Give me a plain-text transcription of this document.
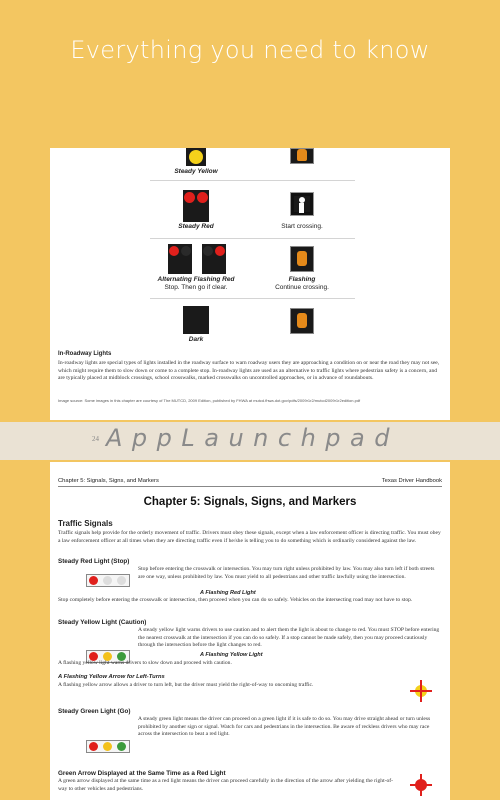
Everything you need to know
Steady Yellow
Steady Red	Start crossing.
Alternating Flashing Red
Stop. Then go if clear.
Flashing
Continue crossing.
Dark
In-Roadway Lights
In-roadway lights are special types of lights installed in the roadway surface to warn roadway users they are approaching a condition on or near the road they may not see, which might require them to slow down or come to a complete stop. In-roadway lights are used as an alternative to traffic lights where pedestrian safety is a concern, and are typically placed at midblock crossings, school crosswalks, marked crosswalks on uncontrolled approaches, or in advance of roundabouts.
Image source: Some images in this chapter are courtesy of The MUTCD, 2009 Edition, published by FHWA at mutcd.fhwa.dot.gov/pdfs/2009r1r2/mutcd2009r1r2edition.pdf
24 AppLaunchpad
Chapter 5: Signals, Signs, and Markers	Texas Driver Handbook
Chapter 5: Signals, Signs, and Markers
Traffic Signals
Traffic signals help provide for the orderly movement of traffic. Drivers must obey these signals, except when a law enforcement officer is directing traffic. You must obey a law enforcement officer at all times when they are directing traffic even if he/she is telling you to do something which is ordinarily considered against the law.
Steady Red Light (Stop)
Stop before entering the crosswalk or intersection. You may turn right unless prohibited by law. You may also turn left if both streets are one way, unless prohibited by law. You must yield to all pedestrians and other traffic lawfully using the intersection.
A Flashing Red Light
Stop completely before entering the crosswalk or intersection, then proceed when you can do so safely. Vehicles on the intersecting road may not have to stop.
Steady Yellow Light (Caution)
A steady yellow light warns drivers to use caution and to alert them the light is about to change to red. You must STOP before entering the nearest crosswalk at the intersection if you can do so safely. If a stop cannot be made safely, then you may proceed cautiously through the intersection before the light changes to red.
A Flashing Yellow Light
A flashing yellow light warns drivers to slow down and proceed with caution.
A Flashing Yellow Arrow for Left-Turns
A flashing yellow arrow allows a driver to turn left, but the driver must yield the right-of-way to oncoming traffic.
Steady Green Light (Go)
A steady green light means the driver can proceed on a green light if it is safe to do so. You may drive straight ahead or turn unless prohibited by another sign or signal. Watch for cars and pedestrians in the intersection. Be aware of reckless drivers who may race across the intersection to beat a red light.
Green Arrow Displayed at the Same Time as a Red Light
A green arrow displayed at the same time as a red light means the driver can proceed carefully in the direction of the arrow after yielding the right-of-way to other vehicles and pedestrians.
